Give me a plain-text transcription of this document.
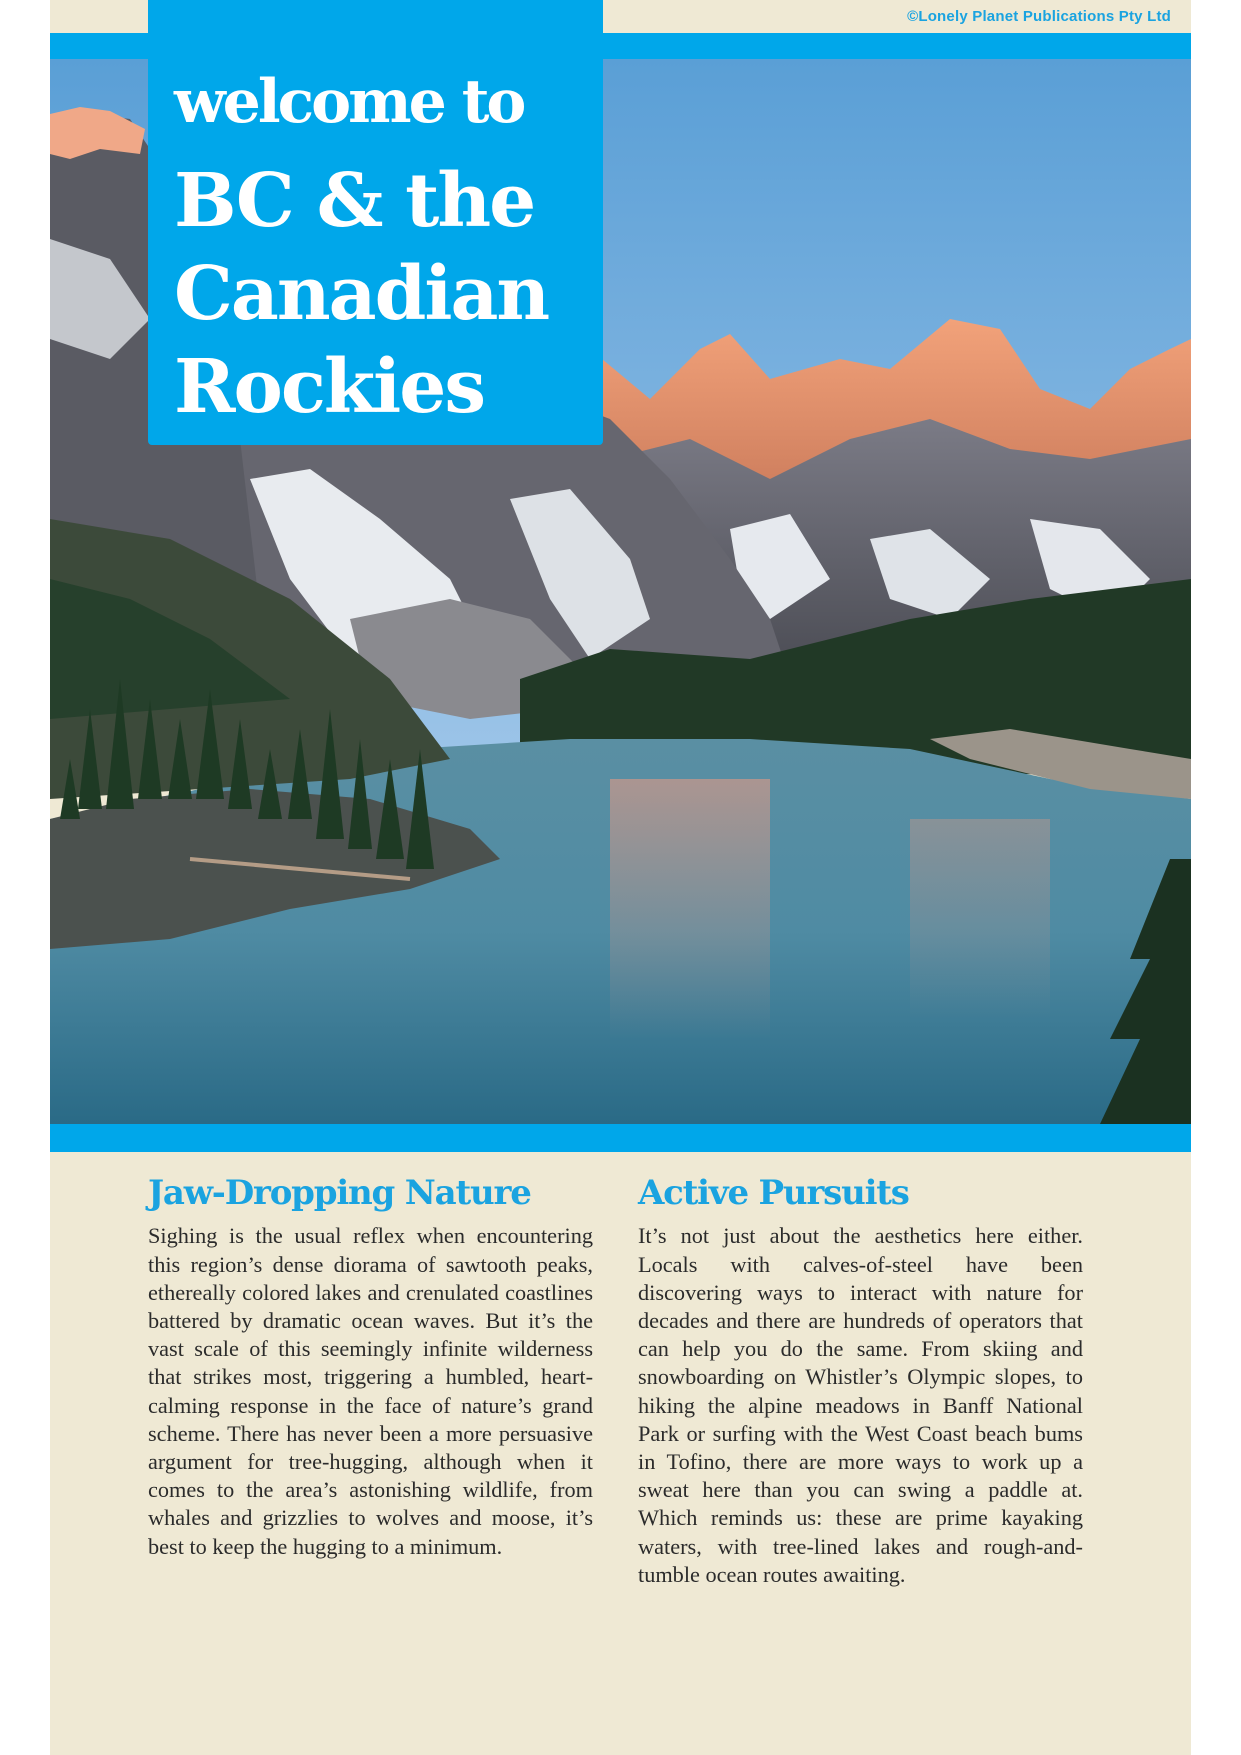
©Lonely Planet Publications Pty Ltd
welcome to
BC & the
Canadian
Rockies
Jaw-Dropping Nature

Sighing is the usual reflex when encountering this region’s dense diorama of sawtooth peaks, ethereally colored lakes and crenulated coastlines battered by dramatic ocean waves. But it’s the vast scale of this seemingly infinite wilderness that strikes most, triggering a humbled, heart-calming response in the face of nature’s grand scheme. There has never been a more persuasive argument for tree-hugging, although when it comes to the area’s astonishing wildlife, from whales and grizzlies to wolves and moose, it’s best to keep the hugging to a minimum.

Active Pursuits

It’s not just about the aesthetics here either. Locals with calves-of-steel have been discovering ways to interact with nature for decades and there are hundreds of operators that can help you do the same. From skiing and snowboarding on Whistler’s Olympic slopes, to hiking the alpine meadows in Banff National Park or surfing with the West Coast beach bums in Tofino, there are more ways to work up a sweat here than you can swing a paddle at. Which reminds us: these are prime kayaking waters, with tree-lined lakes and rough-and-tumble ocean routes awaiting.
